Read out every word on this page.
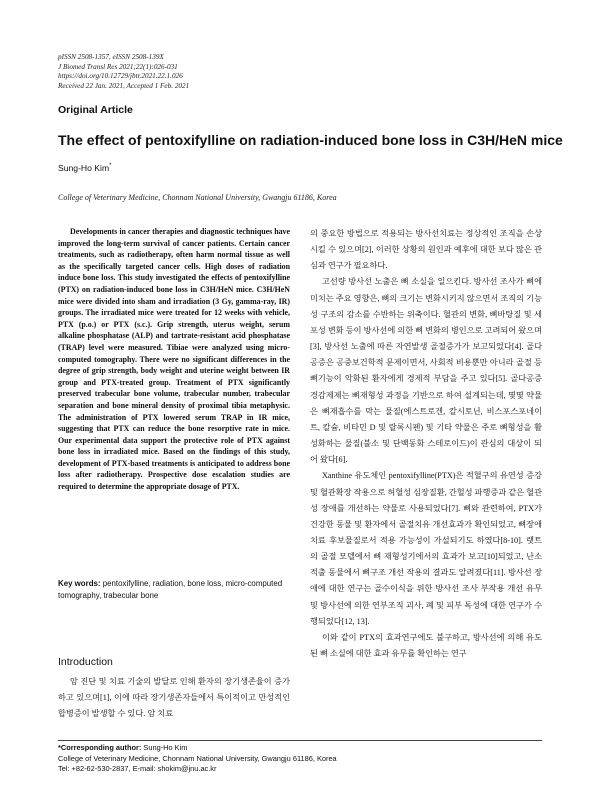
pISSN 2508-1357, eISSN 2508-139X
J Biomed Transl Res 2021;22(1):026-031
https://doi.org/10.12729/jbtr.2021.22.1.026
Received 22 Jan. 2021, Accepted 1 Feb. 2021
Original Article
The effect of pentoxifylline on radiation-induced bone loss in C3H/HeN mice
Sung-Ho Kim*
College of Veterinary Medicine, Chonnam National University, Gwangju 61186, Korea
Developments in cancer therapies and diagnostic techniques have improved the long-term survival of cancer patients. Certain cancer treatments, such as radiotherapy, often harm normal tissue as well as the specifically targeted cancer cells. High doses of radiation induce bone loss. This study investigated the effects of pentoxifylline (PTX) on radiation-induced bone loss in C3H/HeN mice. C3H/HeN mice were divided into sham and irradiation (3 Gy, gamma-ray, IR) groups. The irradiated mice were treated for 12 weeks with vehicle, PTX (p.o.) or PTX (s.c.). Grip strength, uterus weight, serum alkaline phosphatase (ALP) and tartrate-resistant acid phosphatase (TRAP) level were measured. Tibiae were analyzed using micro-computed tomography. There were no significant differences in the degree of grip strength, body weight and uterine weight between IR group and PTX-treated group. Treatment of PTX significantly preserved trabecular bone volume, trabecular number, trabecular separation and bone mineral density of proximal tibia metaphysic. The administration of PTX lowered serum TRAP in IR mice, suggesting that PTX can reduce the bone resorptive rate in mice. Our experimental data support the protective role of PTX against bone loss in irradiated mice. Based on the findings of this study, development of PTX-based treatments is anticipated to address bone loss after radiotherapy. Prospective dose escalation studies are required to determine the appropriate dosage of PTX.
Key words: pentoxifylline, radiation, bone loss, micro-computed tomography, trabecular bone
Introduction

암 진단 및 치료 기술의 발달로 인해 환자의 장기생존율이 증가하고 있으며[1], 이에 따라 장기생존자들에서 특이적이고 만성적인 합병증이 발생할 수 있다. 암 치료

의 중요한 방법으로 적용되는 방사선치료는 정상적인 조직을 손상시킬 수 있으며[2], 이러한 상황의 원인과 예후에 대한 보다 많은 관심과 연구가 필요하다.

고선량 방사선 노출은 뼈 소실을 일으킨다. 방사선 조사가 뼈에 미치는 주요 영향은, 뼈의 크기는 변화시키지 않으면서 조직의 기능성 구조의 감소를 수반하는 위축이다. 혈관의 변화, 뼈바탕질 및 세포성 변화 등이 방사선에 의한 뼈 변화의 병인으로 고려되어 왔으며[3], 방사선 노출에 따른 자연발생 골절증가가 보고되었다[4]. 골다공증은 공중보건학적 문제이면서, 사회적 비용뿐만 아니라 골절 등 뼈기능이 악화된 환자에게 경제적 부담을 주고 있다[5]. 골다공증 경감제제는 뼈재형성 과정을 기반으로 하여 설계되는데, 몇몇 약물은 뼈재흡수를 막는 물질(에스트로겐, 칼시토닌, 비스포스포네이트, 칼슘, 비타민 D 및 랄록시펜) 및 기타 약물은 주로 뼈형성을 활성화하는 물질(불소 및 단백동화 스테로이드)이 관심의 대상이 되어 왔다[6].

Xanthine 유도체인 pentoxifylline(PTX)은 적혈구의 유연성 증강 및 혈관확장 작용으로 허혈성 심장질환, 간헐성 파행증과 같은 혈관성 장애를 개선하는 약물로 사용되었다[7]. 뼈와 관련하여, PTX가 건강한 동물 및 환자에서 골절치유 개선효과가 확인되었고, 뼈장애 치료 후보물질로서 적용 가능성이 가설되기도 하였다[8-10]. 랫트의 골절 모델에서 뼈 재형성기에서의 효과가 보고[10]되었고, 난소적출 동물에서 뼈구조 개선 작용의 결과도 알려졌다[11]. 방사선 장애에 대한 연구는 골수이식을 위한 방사선 조사 부작용 개선 유무 및 방사선에 의한 연부조직 괴사, 폐 및 피부 독성에 대한 연구가 수행되었다[12, 13].

이와 같이 PTX의 효과연구에도 불구하고, 방사선에 의해 유도된 뼈 소실에 대한 효과 유무를 확인하는 연구

*Corresponding author: Sung-Ho Kim
College of Veterinary Medicine, Chonnam National University, Gwangju 61186, Korea
Tel: +82-62-530-2837, E-mail: shokim@jnu.ac.kr
